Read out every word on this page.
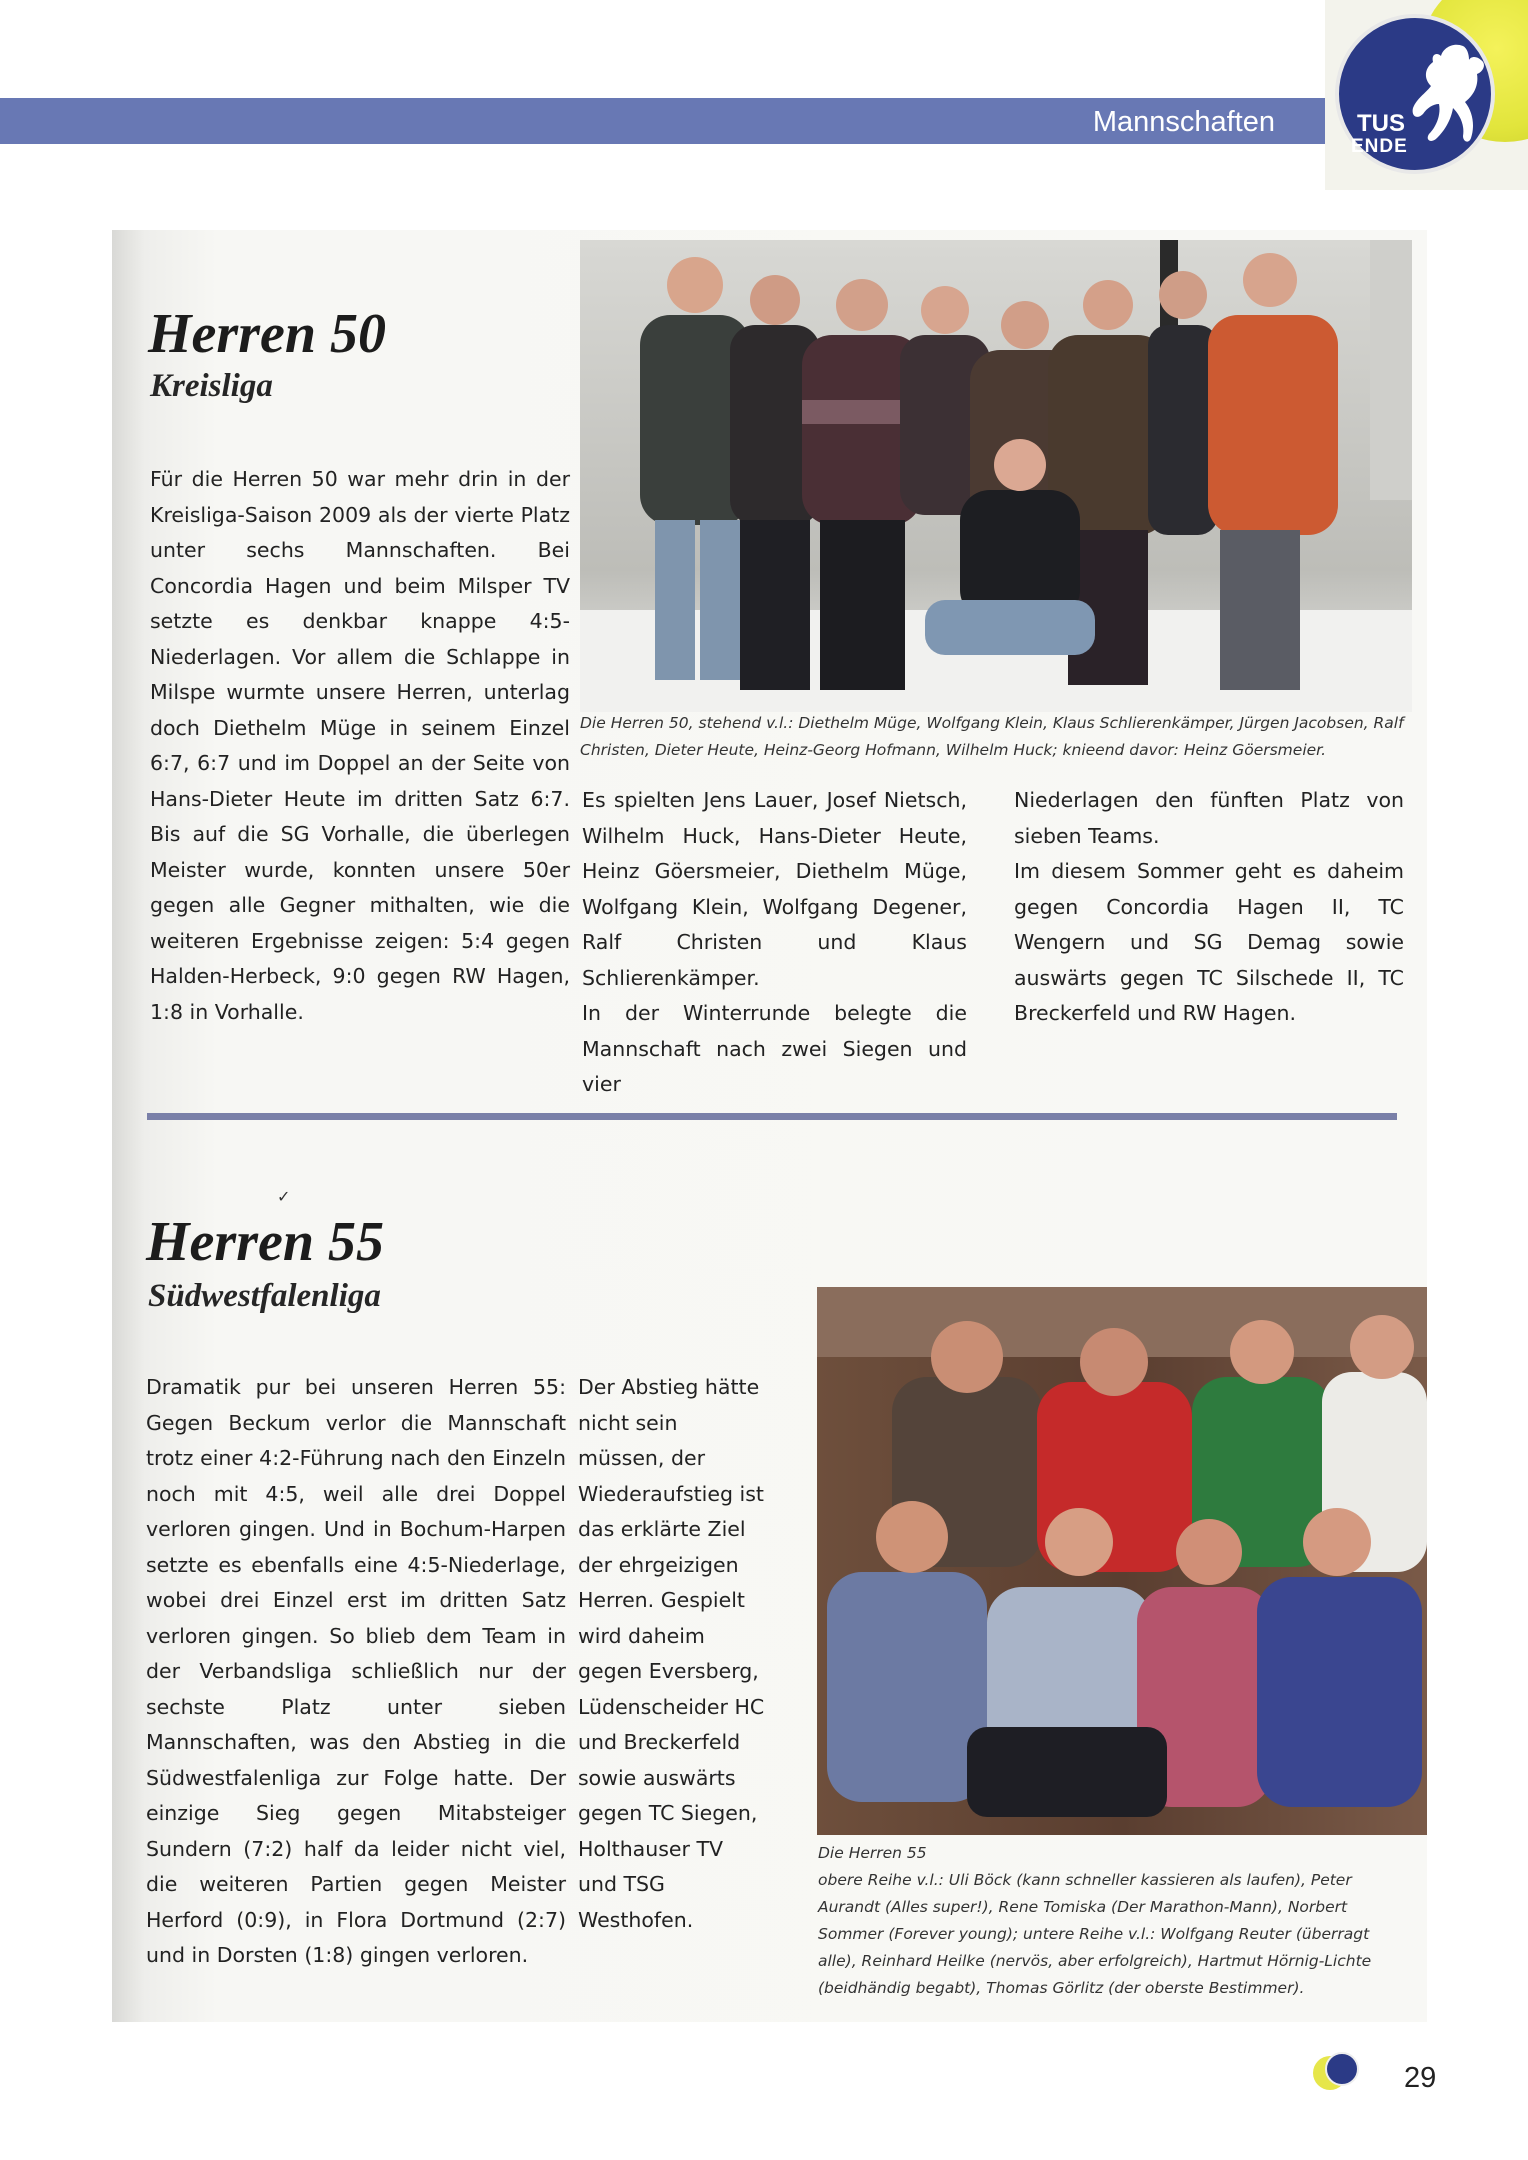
Mannschaften	TUS
ENDE
Herren 50
Kreisliga

Für die Herren 50 war mehr drin in der Kreisliga-Saison 2009 als der vierte Platz unter sechs Mannschaften. Bei Concordia Hagen und beim Milsper TV setzte es denkbar knappe 4:5-Niederlagen. Vor allem die Schlappe in Milspe wurmte unsere Herren, unterlag doch Diethelm Müge in seinem Einzel 6:7, 6:7 und im Doppel an der Seite von Hans-Dieter Heute im dritten Satz 6:7. Bis auf die SG Vorhalle, die überlegen Meister wurde, konnten unsere 50er gegen alle Gegner mithalten, wie die weiteren Ergebnisse zeigen: 5:4 gegen Halden-Herbeck, 9:0 gegen RW Hagen, 1:8 in Vorhalle.

Die Herren 50, stehend v.l.: Diethelm Müge, Wolfgang Klein, Klaus Schlierenkämper, Jürgen Jacobsen, Ralf Christen, Dieter Heute, Heinz-Georg Hofmann, Wilhelm Huck; knieend davor: Heinz Göersmeier.

Es spielten Jens Lauer, Josef Nietsch, Wilhelm Huck, Hans-Dieter Heute, Heinz Göersmeier, Diethelm Müge, Wolfgang Klein, Wolfgang Degener, Ralf Christen und Klaus Schlierenkämper.

In der Winterrunde belegte die Mannschaft nach zwei Siegen und vier

Niederlagen den fünften Platz von sieben Teams.

Im diesem Sommer geht es daheim gegen Concordia Hagen II, TC Wengern und SG Demag sowie auswärts gegen TC Silschede II, TC Breckerfeld und RW Hagen.

✓
Herren 55
Südwestfalenliga

Dramatik pur bei unseren Herren 55: Gegen Beckum verlor die Mannschaft trotz einer 4:2-Führung nach den Einzeln noch mit 4:5, weil alle drei Doppel verloren gingen. Und in Bochum-Harpen setzte es ebenfalls eine 4:5-Niederlage, wobei drei Einzel erst im dritten Satz verloren gingen. So blieb dem Team in der Verbandsliga schließlich nur der sechste Platz unter sieben Mannschaften, was den Abstieg in die Südwestfalenliga zur Folge hatte. Der einzige Sieg gegen Mitabsteiger Sundern (7:2) half da leider nicht viel, die weiteren Partien gegen Meister Herford (0:9), in Flora Dortmund (2:7) und in Dorsten (1:8) gingen verloren.

Der Abstieg hätte nicht sein müssen, der Wiederaufstieg ist das erklärte Ziel der ehrgeizigen Herren. Gespielt wird daheim gegen Eversberg, Lüdenscheider HC und Breckerfeld sowie auswärts gegen TC Siegen, Holthauser TV und TSG Westhofen.

Die Herren 55
obere Reihe v.l.: Uli Böck (kann schneller kassieren als laufen), Peter Aurandt (Alles super!), Rene Tomiska (Der Marathon-Mann), Norbert Sommer (Forever young); untere Reihe v.l.: Wolfgang Reuter (überragt alle), Reinhard Heilke (nervös, aber erfolgreich), Hartmut Hörnig-Lichte (beidhändig begabt), Thomas Görlitz (der oberste Bestimmer).
29
